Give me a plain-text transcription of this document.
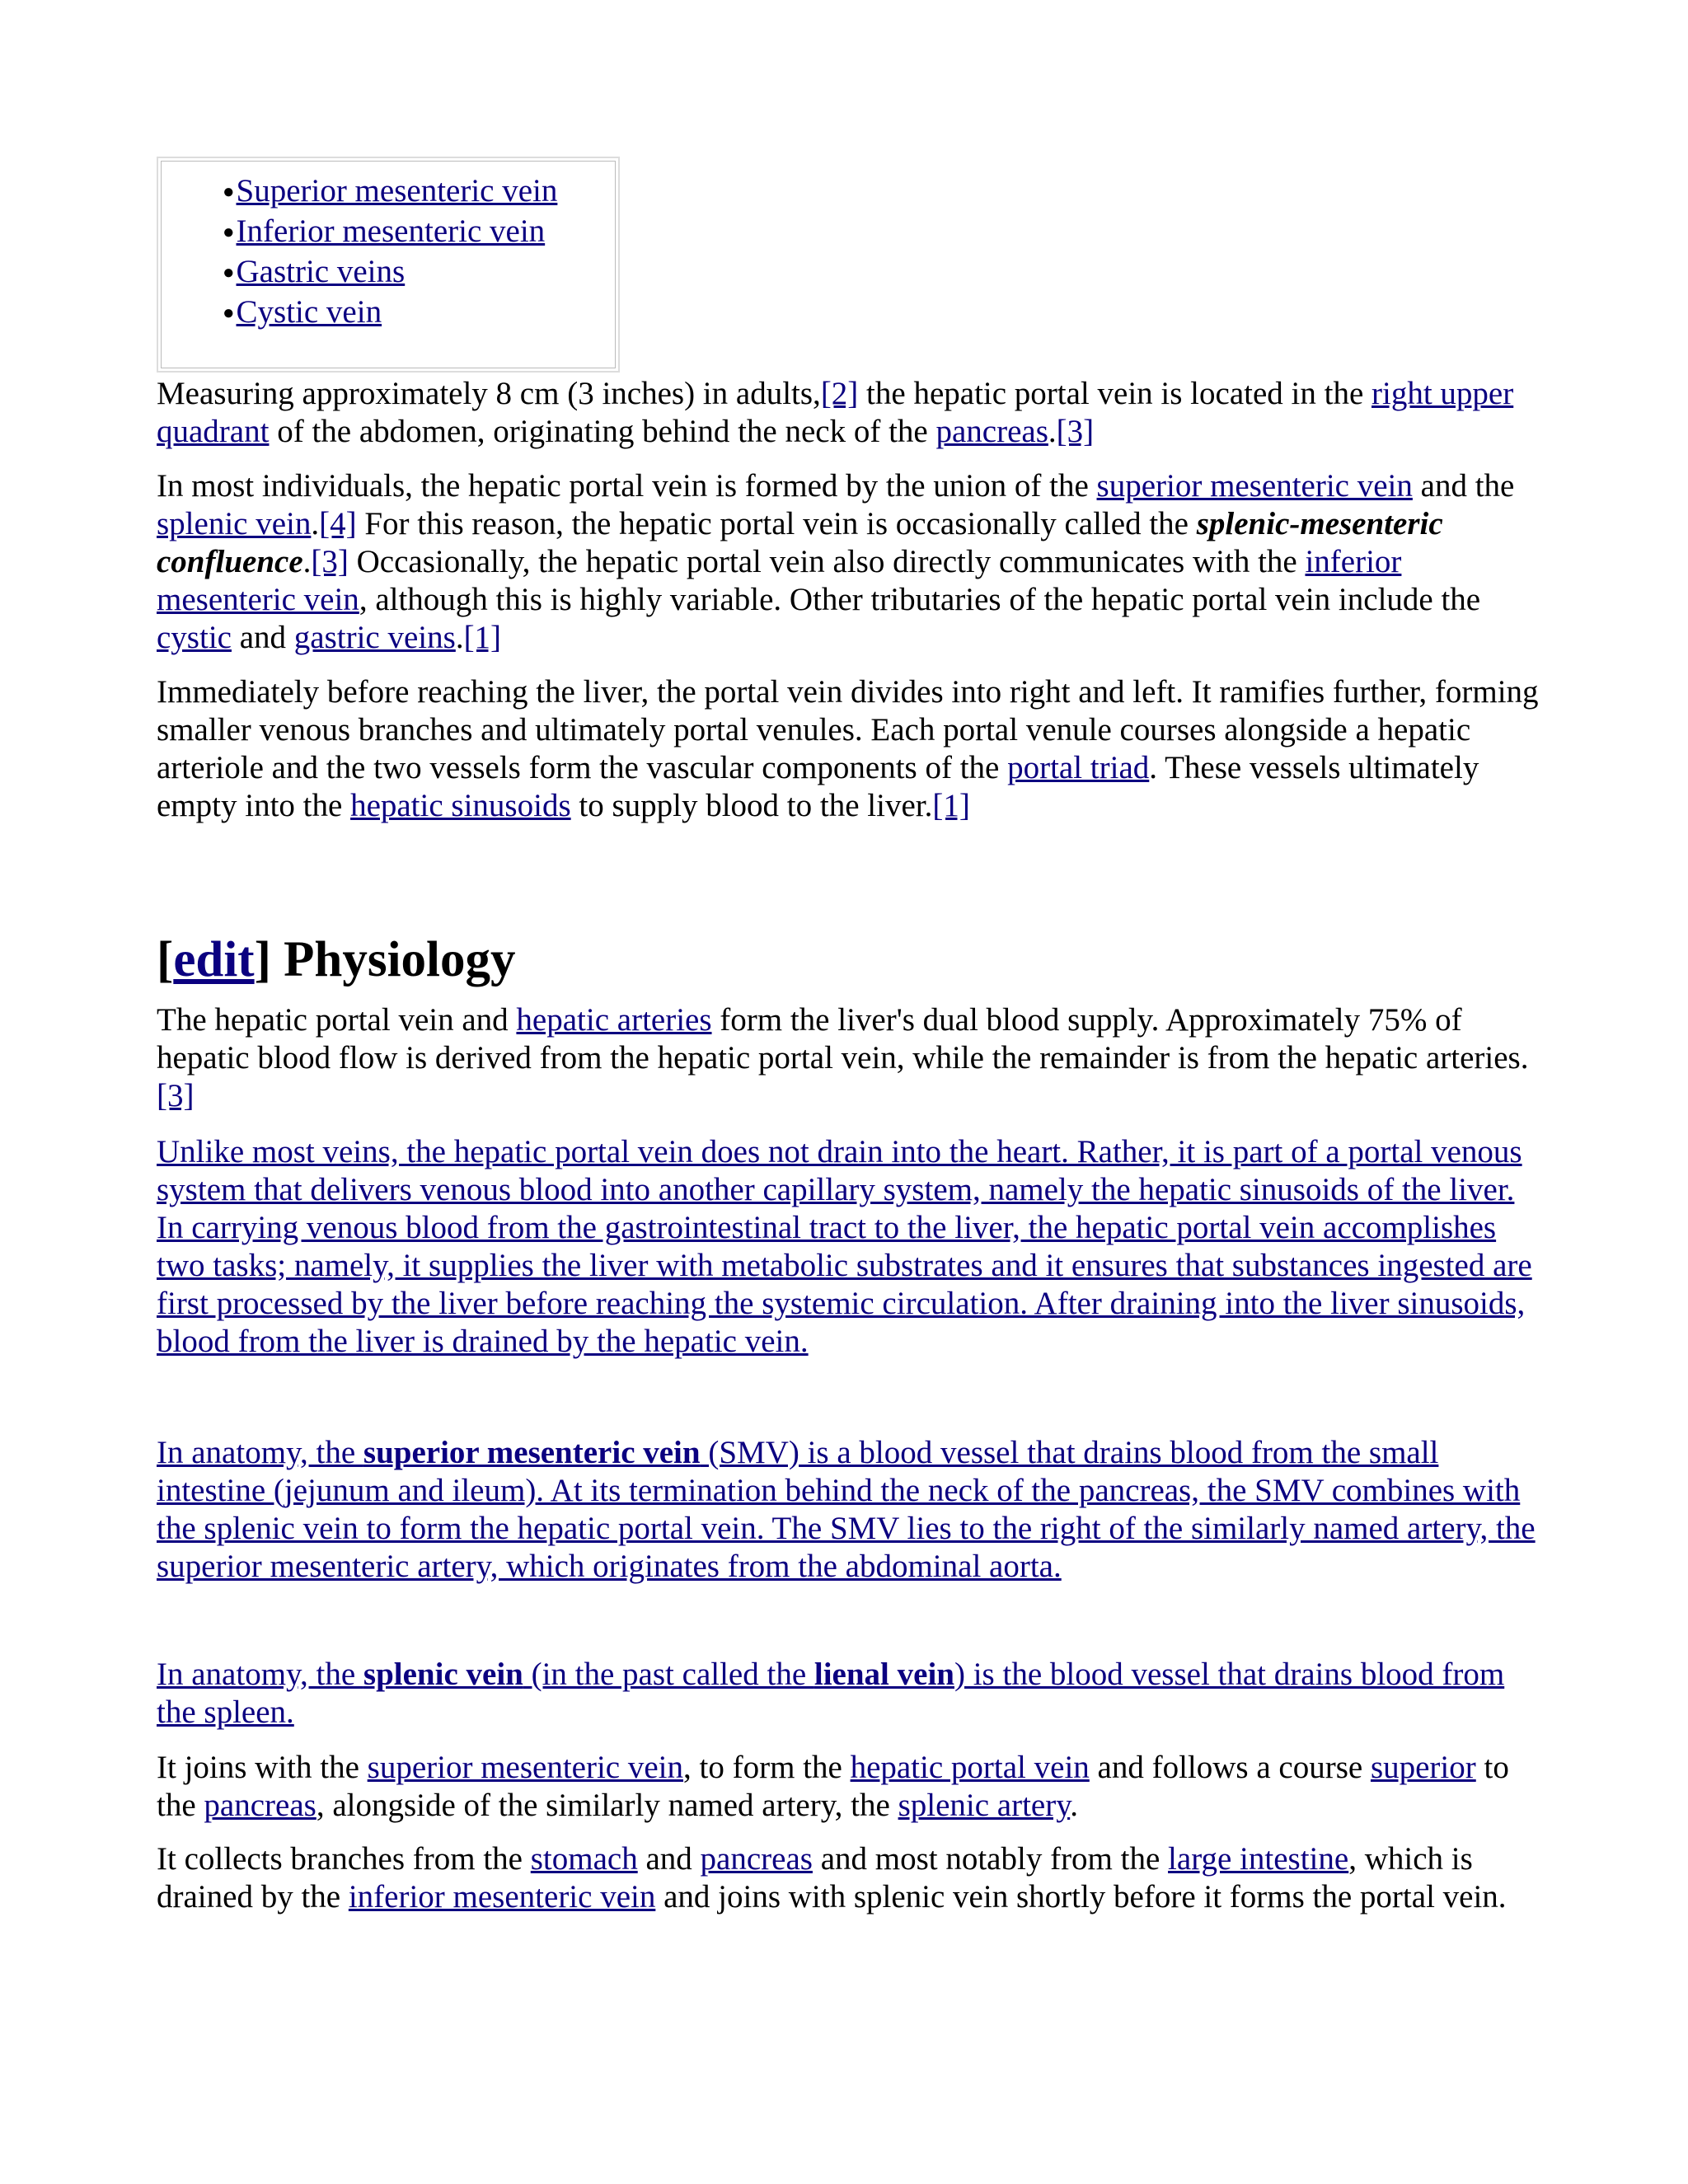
●Superior mesenteric vein
●Inferior mesenteric vein
●Gastric veins
●Cystic vein

Measuring approximately 8 cm (3 inches) in adults,[2] the hepatic portal vein is located in the right upper quadrant of the abdomen, originating behind the neck of the pancreas.[3]

In most individuals, the hepatic portal vein is formed by the union of the superior mesenteric vein and the splenic vein.[4] For this reason, the hepatic portal vein is occasionally called the splenic-mesenteric confluence.[3] Occasionally, the hepatic portal vein also directly communicates with the inferior mesenteric vein, although this is highly variable. Other tributaries of the hepatic portal vein include the cystic and gastric veins.[1]

Immediately before reaching the liver, the portal vein divides into right and left. It ramifies further, forming smaller venous branches and ultimately portal venules. Each portal venule courses alongside a hepatic arteriole and the two vessels form the vascular components of the portal triad. These vessels ultimately empty into the hepatic sinusoids to supply blood to the liver.[1]

[edit] Physiology

The hepatic portal vein and hepatic arteries form the liver's dual blood supply. Approximately 75% of hepatic blood flow is derived from the hepatic portal vein, while the remainder is from the hepatic arteries.[3]

Unlike most veins, the hepatic portal vein does not drain into the heart. Rather, it is part of a portal venous system that delivers venous blood into another capillary system, namely the hepatic sinusoids of the liver. In carrying venous blood from the gastrointestinal tract to the liver, the hepatic portal vein accomplishes two tasks; namely, it supplies the liver with metabolic substrates and it ensures that substances ingested are first processed by the liver before reaching the systemic circulation. After draining into the liver sinusoids, blood from the liver is drained by the hepatic vein.

In anatomy, the superior mesenteric vein (SMV) is a blood vessel that drains blood from the small intestine (jejunum and ileum). At its termination behind the neck of the pancreas, the SMV combines with the splenic vein to form the hepatic portal vein. The SMV lies to the right of the similarly named artery, the superior mesenteric artery, which originates from the abdominal aorta.

In anatomy, the splenic vein (in the past called the lienal vein) is the blood vessel that drains blood from the spleen.

It joins with the superior mesenteric vein, to form the hepatic portal vein and follows a course superior to the pancreas, alongside of the similarly named artery, the splenic artery.

It collects branches from the stomach and pancreas and most notably from the large intestine, which is drained by the inferior mesenteric vein and joins with splenic vein shortly before it forms the portal vein.
